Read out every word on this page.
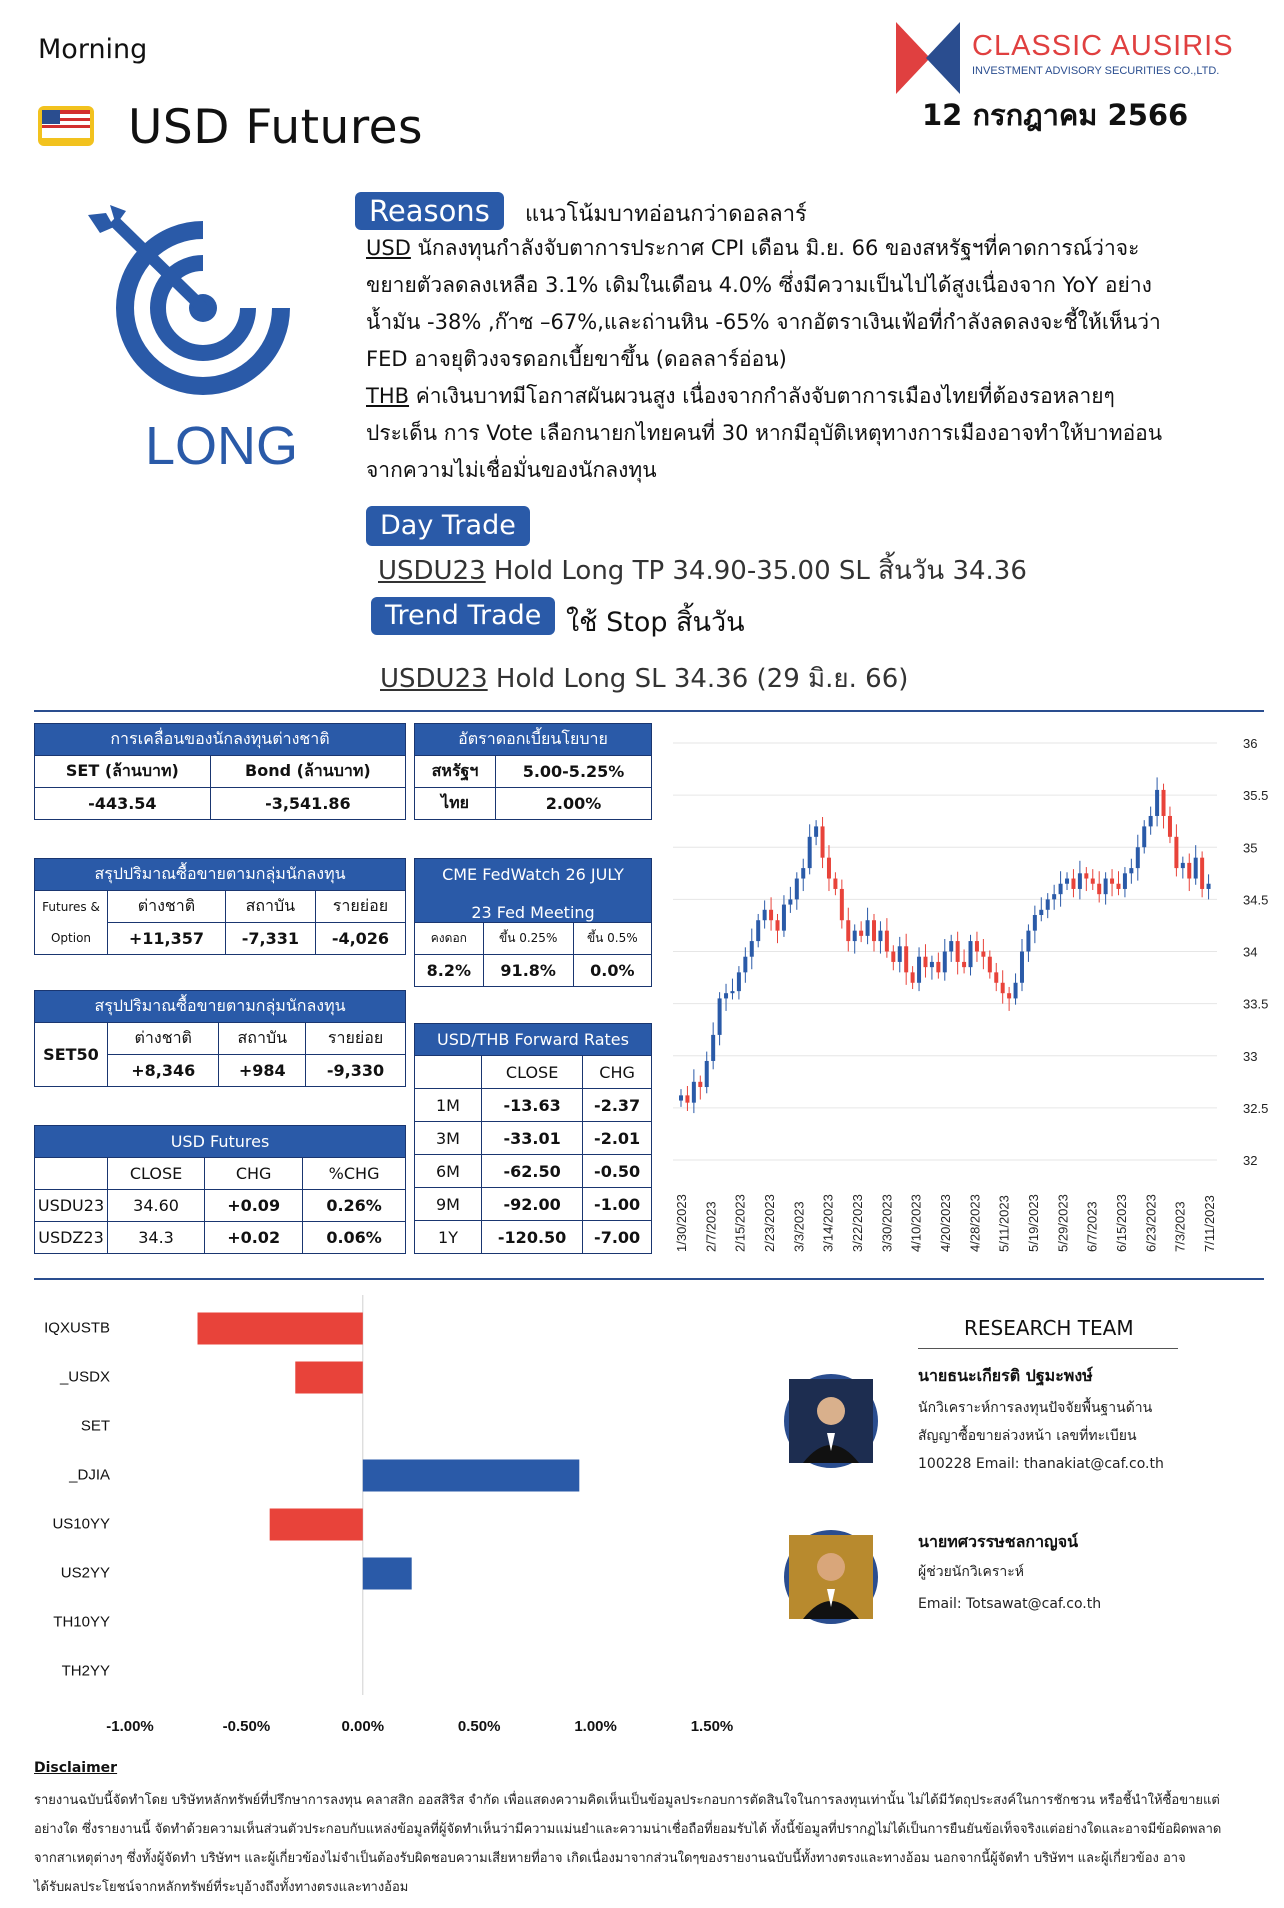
Morning
USD Futures
CLASSIC AUSIRIS
INVESTMENT ADVISORY SECURITIES CO.,LTD.
12 กรกฎาคม 2566
LONG
Reasons	แนวโน้มบาทอ่อนกว่าดอลลาร์
USD นักลงทุนกำลังจับตาการประกาศ CPI เดือน มิ.ย. 66 ของสหรัฐฯที่คาดการณ์ว่าจะ
ขยายตัวลดลงเหลือ 3.1% เดิมในเดือน 4.0% ซึ่งมีความเป็นไปได้สูงเนื่องจาก YoY อย่าง
น้ำมัน -38% ,ก๊าซ –67%,และถ่านหิน -65% จากอัตราเงินเฟ้อที่กำลังลดลงจะชี้ให้เห็นว่า
FED อาจยุติวงจรดอกเบี้ยขาขึ้น (ดอลลาร์อ่อน)
THB ค่าเงินบาทมีโอกาสผันผวนสูง เนื่องจากกำลังจับตาการเมืองไทยที่ต้องรอหลายๆ
ประเด็น การ Vote เลือกนายกไทยคนที่ 30 หากมีอุบัติเหตุทางการเมืองอาจทำให้บาทอ่อน
จากความไม่เชื่อมั่นของนักลงทุน
Day Trade
USDU23 Hold Long TP 34.90-35.00 SL สิ้นวัน 34.36
Trend Trade ใช้ Stop สิ้นวัน
USDU23 Hold Long SL 34.36 (29 มิ.ย. 66)
การเคลื่อนของนักลงทุนต่างชาติ	
SET (ล้านบาท)	Bond (ล้านบาท)
-443.54	-3,541.86
สรุปปริมาณซื้อขายตามกลุ่มนักลงทุน			
Futures &	ต่างชาติ	สถาบัน	รายย่อย
Option	+11,357	-7,331	-4,026
สรุปปริมาณซื้อขายตามกลุ่มนักลงทุน			
SET50	ต่างชาติ	สถาบัน	รายย่อย
	+8,346	+984	-9,330
USD Futures			
	CLOSE	CHG	%CHG
USDU23	34.60	+0.09	0.26%
USDZ23	34.3	+0.02	0.06%
อัตราดอกเบี้ยนโยบาย	
สหรัฐฯ	5.00-5.25%
ไทย	2.00%
CME FedWatch 26 JULY		
23 Fed Meeting		
คงดอก	ขึ้น 0.25%	ขึ้น 0.5%
8.2%	91.8%	0.0%
USD/THB Forward Rates		
	CLOSE	CHG
1M	-13.63	-2.37
3M	-33.01	-2.01
6M	-62.50	-0.50
9M	-92.00	-1.00
1Y	-120.50	-7.00
36
35.5
35
34.5
34
33.5
33
32.5
32
1/30/2023 2/7/2023 2/15/2023 2/23/2023 3/3/2023 3/14/2023 3/22/2023 3/30/2023 4/10/2023 4/20/2023 4/28/2023 5/11/2023 5/19/2023 5/29/2023 6/7/2023 6/15/2023 6/23/2023 7/3/2023 7/11/2023
IQXUSTB
_USDX
SET
_DJIA
US10YY
US2YY
TH10YY
TH2YY
-1.00%	-0.50%	0.00%	0.50%	1.00%	1.50%
RESEARCH TEAM
นายธนะเกียรติ ปฐมะพงษ์
นักวิเคราะห์การลงทุนปัจจัยพื้นฐานด้าน
สัญญาซื้อขายล่วงหน้า เลขที่ทะเบียน
100228 Email: thanakiat@caf.co.th
นายทศวรรษชลกาญจน์
ผู้ช่วยนักวิเคราะห์
Email: Totsawat@caf.co.th
Disclaimer
รายงานฉบับนี้จัดทำโดย บริษัทหลักทรัพย์ที่ปรึกษาการลงทุน คลาสสิก ออสสิริส จำกัด เพื่อแสดงความคิดเห็นเป็นข้อมูลประกอบการตัดสินใจในการลงทุนเท่านั้น ไม่ได้มีวัตถุประสงค์ในการชักชวน หรือชี้นำให้ซื้อขายแต่
อย่างใด ซึ่งรายงานนี้ จัดทำด้วยความเห็นส่วนตัวประกอบกับแหล่งข้อมูลที่ผู้จัดทำเห็นว่ามีความแม่นยำและความน่าเชื่อถือที่ยอมรับได้ ทั้งนี้ข้อมูลที่ปรากฏไม่ได้เป็นการยืนยันข้อเท็จจริงแต่อย่างใดและอาจมีข้อผิดพลาด
จากสาเหตุต่างๆ ซึ่งทั้งผู้จัดทำ บริษัทฯ และผู้เกี่ยวข้องไม่จำเป็นต้องรับผิดชอบความเสียหายที่อาจ เกิดเนื่องมาจากส่วนใดๆของรายงานฉบับนี้ทั้งทางตรงและทางอ้อม นอกจากนี้ผู้จัดทำ บริษัทฯ และผู้เกี่ยวข้อง อาจ
ได้รับผลประโยชน์จากหลักทรัพย์ที่ระบุอ้างถึงทั้งทางตรงและทางอ้อม
